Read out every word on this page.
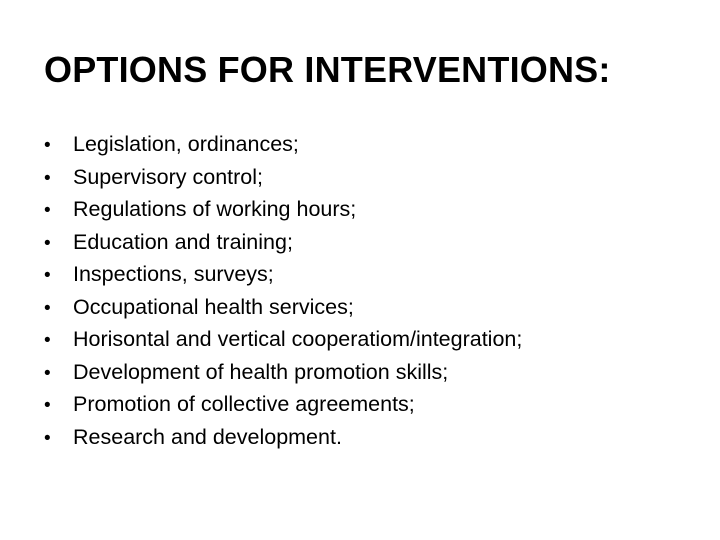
OPTIONS FOR INTERVENTIONS:
•	Legislation, ordinances;
•	Supervisory control;
•	Regulations of working hours;
•	Education and training;
•	Inspections, surveys;
•	Occupational health services;
•	Horisontal and vertical cooperatiom/integration;
•	Development of health promotion skills;
•	Promotion of collective agreements;
•	Research and development.
